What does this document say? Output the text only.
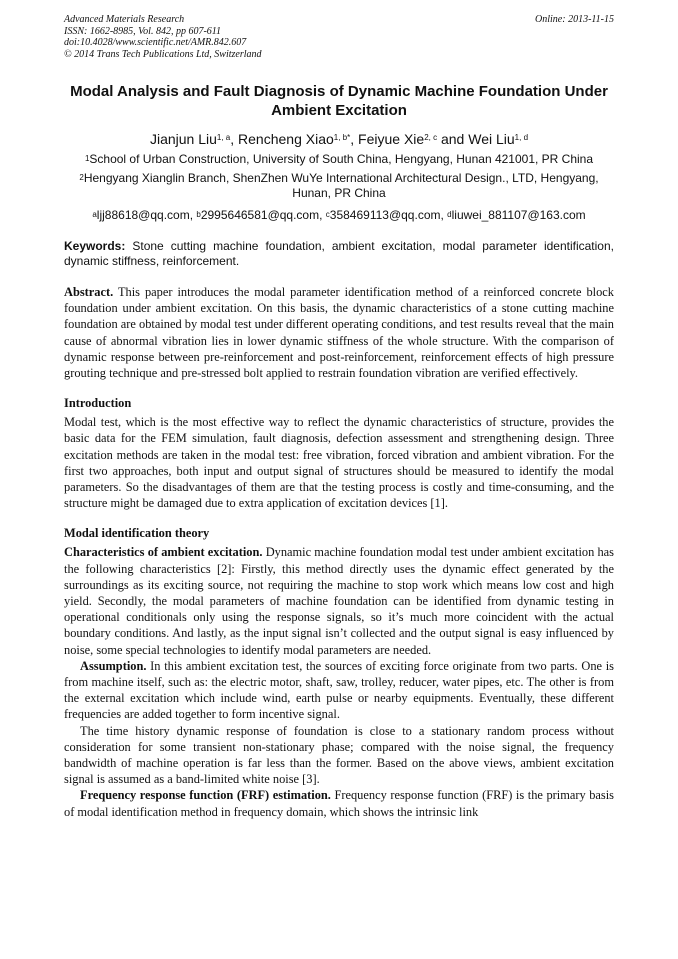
Advanced Materials Research	Online: 2013-11-15
ISSN: 1662-8985, Vol. 842, pp 607-611
doi:10.4028/www.scientific.net/AMR.842.607
© 2014 Trans Tech Publications Ltd, Switzerland
Modal Analysis and Fault Diagnosis of Dynamic Machine Foundation Under Ambient Excitation
Jianjun Liu$^{1, a}$, Rencheng Xiao$^{1, b*}$, Feiyue Xie$^{2, c}$ and Wei Liu$^{1, d}$
$^1$School of Urban Construction, University of South China, Hengyang, Hunan 421001, PR China
$^2$Hengyang Xianglin Branch, ShenZhen WuYe International Architectural Design., LTD, Hengyang, Hunan, PR China
$^a$ljj88618@qq.com, $^b$2995646581@qq.com, $^c$358469113@qq.com, $^d$liuwei_881107@163.com
Keywords: Stone cutting machine foundation, ambient excitation, modal parameter identification, dynamic stiffness, reinforcement.

Abstract. This paper introduces the modal parameter identification method of a reinforced concrete block foundation under ambient excitation. On this basis, the dynamic characteristics of a stone cutting machine foundation are obtained by modal test under different operating conditions, and test results reveal that the main cause of abnormal vibration lies in lower dynamic stiffness of the whole structure. With the comparison of dynamic response between pre-reinforcement and post-reinforcement, reinforcement effects of high pressure grouting technique and pre-stressed bolt applied to restrain foundation vibration are verified effectively.

Introduction

Modal test, which is the most effective way to reflect the dynamic characteristics of structure, provides the basic data for the FEM simulation, fault diagnosis, defection assessment and strengthening design. Three excitation methods are taken in the modal test: free vibration, forced vibration and ambient vibration. For the first two approaches, both input and output signal of structures should be measured to identify the modal parameters. So the disadvantages of them are that the testing process is costly and time-consuming, and the structure might be damaged due to extra application of excitation devices [1].

Modal identification theory

Characteristics of ambient excitation. Dynamic machine foundation modal test under ambient excitation has the following characteristics [2]: Firstly, this method directly uses the dynamic effect generated by the surroundings as its exciting source, not requiring the machine to stop work which means low cost and high yield. Secondly, the modal parameters of machine foundation can be identified from dynamic testing in operational conditionals only using the response signals, so it’s much more coincident with the actual boundary conditions. And lastly, as the input signal isn’t collected and the output signal is easy influenced by noise, some special technologies to identify modal parameters are needed.

Assumption. In this ambient excitation test, the sources of exciting force originate from two parts. One is from machine itself, such as: the electric motor, shaft, saw, trolley, reducer, water pipes, etc. The other is from the external excitation which include wind, earth pulse or nearby equipments. Eventually, these different frequencies are added together to form incentive signal.

The time history dynamic response of foundation is close to a stationary random process without consideration for some transient non-stationary phase; compared with the noise signal, the frequency bandwidth of machine operation is far less than the former. Based on the above views, ambient excitation signal is assumed as a band-limited white noise [3].

Frequency response function (FRF) estimation. Frequency response function (FRF) is the primary basis of modal identification method in frequency domain, which shows the intrinsic link
